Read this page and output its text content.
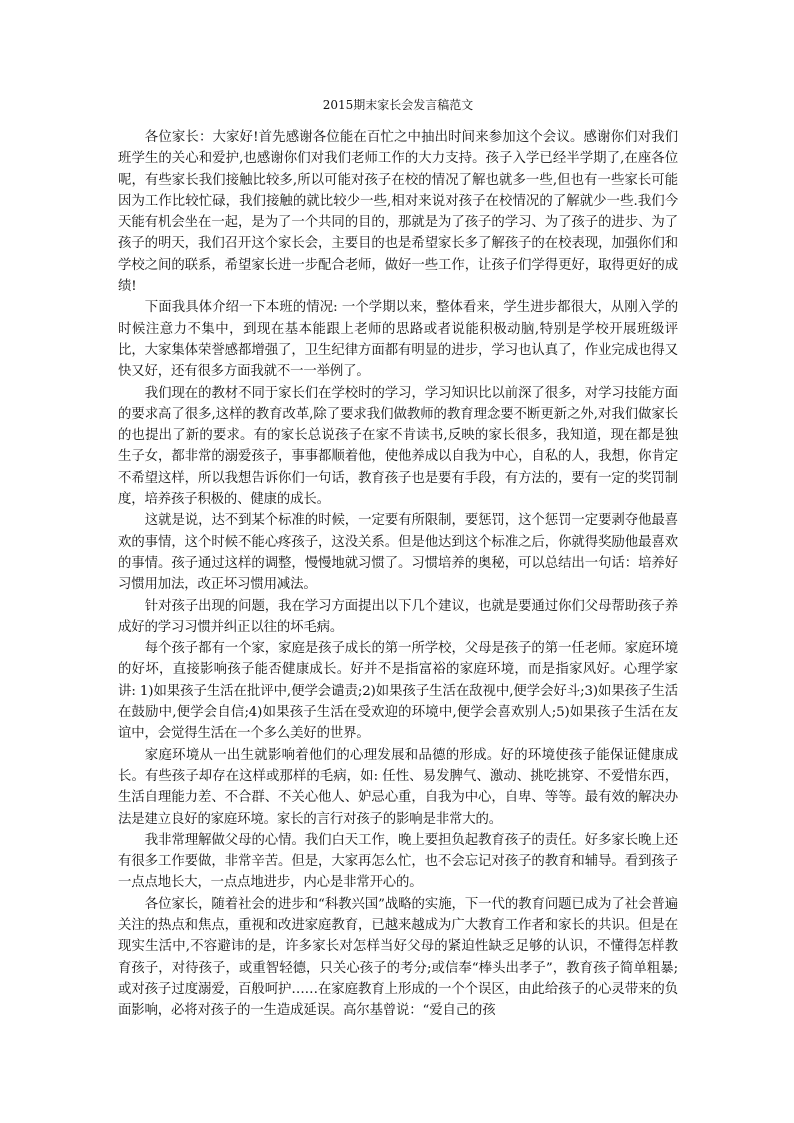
2015期末家长会发言稿范文

各位家长：大家好!首先感谢各位能在百忙之中抽出时间来参加这个会议。感谢你们对我们班学生的关心和爱护,也感谢你们对我们老师工作的大力支持。孩子入学已经半学期了,在座各位呢，有些家长我们接触比较多,所以可能对孩子在校的情况了解也就多一些,但也有一些家长可能因为工作比较忙碌，我们接触的就比较少一些,相对来说对孩子在校情况的了解就少一些.我们今天能有机会坐在一起，是为了一个共同的目的，那就是为了孩子的学习、为了孩子的进步、为了孩子的明天，我们召开这个家长会，主要目的也是希望家长多了解孩子的在校表现，加强你们和学校之间的联系，希望家长进一步配合老师，做好一些工作，让孩子们学得更好，取得更好的成绩!

下面我具体介绍一下本班的情况: 一个学期以来，整体看来，学生进步都很大，从刚入学的时候注意力不集中，到现在基本能跟上老师的思路或者说能积极动脑,特别是学校开展班级评比，大家集体荣誉感都增强了，卫生纪律方面都有明显的进步，学习也认真了，作业完成也得又快又好，还有很多方面我就不一一举例了。

我们现在的教材不同于家长们在学校时的学习，学习知识比以前深了很多，对学习技能方面的要求高了很多,这样的教育改革,除了要求我们做教师的教育理念要不断更新之外,对我们做家长的也提出了新的要求。有的家长总说孩子在家不肯读书,反映的家长很多，我知道，现在都是独生子女，都非常的溺爱孩子，事事都顺着他，使他养成以自我为中心，自私的人，我想，你肯定不希望这样，所以我想告诉你们一句话，教育孩子也是要有手段，有方法的，要有一定的奖罚制度，培养孩子积极的、健康的成长。

这就是说，达不到某个标准的时候，一定要有所限制，要惩罚，这个惩罚一定要剥夺他最喜欢的事情，这个时候不能心疼孩子，这没关系。但是他达到这个标准之后，你就得奖励他最喜欢的事情。孩子通过这样的调整，慢慢地就习惯了。习惯培养的奥秘，可以总结出一句话：培养好习惯用加法，改正坏习惯用减法。

针对孩子出现的问题，我在学习方面提出以下几个建议，也就是要通过你们父母帮助孩子养成好的学习习惯并纠正以往的坏毛病。

每个孩子都有一个家，家庭是孩子成长的第一所学校，父母是孩子的第一任老师。家庭环境的好坏，直接影响孩子能否健康成长。好并不是指富裕的家庭环境，而是指家风好。心理学家讲: 1)如果孩子生活在批评中,便学会谴责;2)如果孩子生活在敌视中,便学会好斗;3)如果孩子生活在鼓励中,便学会自信;4)如果孩子生活在受欢迎的环境中,便学会喜欢别人;5)如果孩子生活在友谊中，会觉得生活在一个多么美好的世界。

家庭环境从一出生就影响着他们的心理发展和品德的形成。好的环境使孩子能保证健康成长。有些孩子却存在这样或那样的毛病，如: 任性、易发脾气、激动、挑吃挑穿、不爱惜东西，生活自理能力差、不合群、不关心他人、妒忌心重，自我为中心，自卑、等等。最有效的解决办法是建立良好的家庭环境。家长的言行对孩子的影响是非常大的。

我非常理解做父母的心情。我们白天工作，晚上要担负起教育孩子的责任。好多家长晚上还有很多工作要做，非常辛苦。但是，大家再怎么忙，也不会忘记对孩子的教育和辅导。看到孩子一点点地长大，一点点地进步，内心是非常开心的。

各位家长，随着社会的进步和“科教兴国”战略的实施，下一代的教育问题已成为了社会普遍关注的热点和焦点，重视和改进家庭教育，已越来越成为广大教育工作者和家长的共识。但是在现实生活中,不容避讳的是，许多家长对怎样当好父母的紧迫性缺乏足够的认识，不懂得怎样教育孩子，对待孩子，或重智轻德，只关心孩子的考分;或信奉“棒头出孝子”，教育孩子简单粗暴;或对孩子过度溺爱，百般呵护……在家庭教育上形成的一个个误区，由此给孩子的心灵带来的负面影响，必将对孩子的一生造成延误。高尔基曾说：“爱自己的孩
